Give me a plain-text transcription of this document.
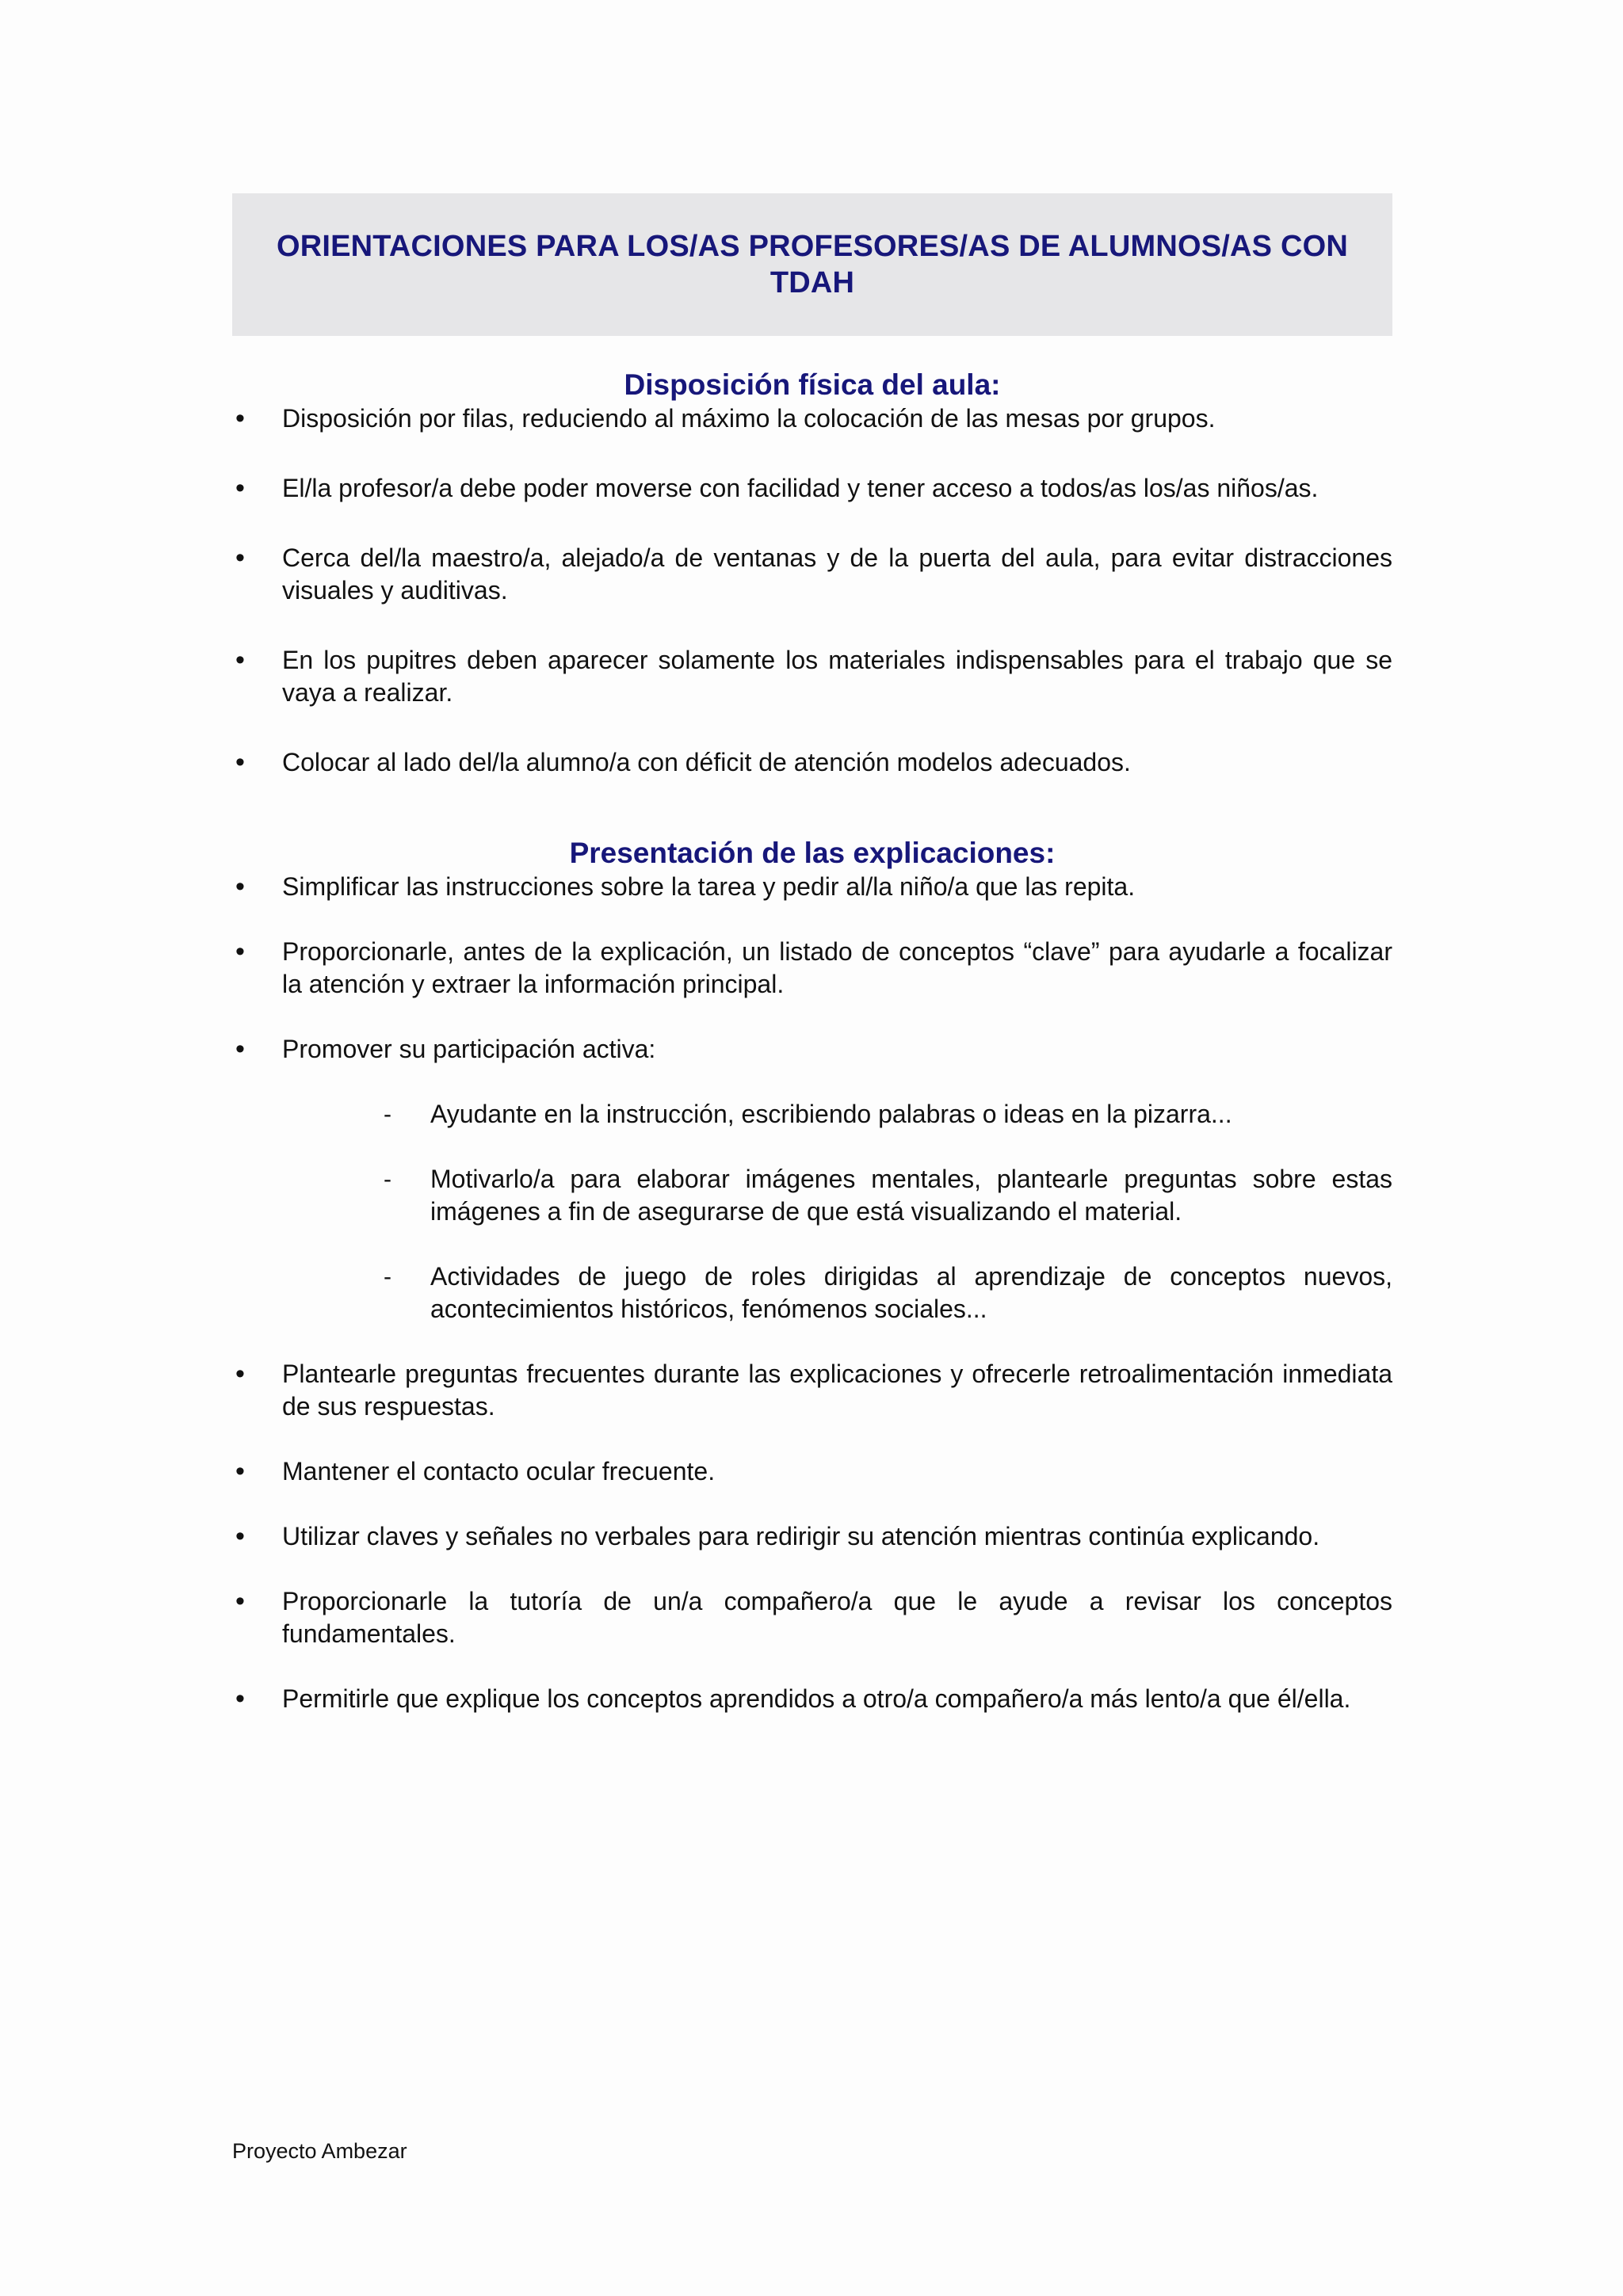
ORIENTACIONES PARA LOS/AS PROFESORES/AS DE ALUMNOS/AS CON TDAH
Disposición física del aula:
• Disposición por filas, reduciendo al máximo la colocación de las mesas por grupos.
• El/la profesor/a debe poder moverse con facilidad y tener acceso a todos/as los/as niños/as.
• Cerca del/la maestro/a, alejado/a de ventanas y de la puerta del aula, para evitar distracciones visuales y auditivas.
• En los pupitres deben aparecer solamente los materiales indispensables para el trabajo que se vaya a realizar.
• Colocar al lado del/la alumno/a con déficit de atención modelos adecuados.
Presentación de las explicaciones:
• Simplificar las instrucciones sobre la tarea y pedir al/la niño/a que las repita.
• Proporcionarle, antes de la explicación, un listado de conceptos “clave” para ayudarle a focalizar la atención y extraer la información principal.
• Promover su participación activa:
- Ayudante en la instrucción, escribiendo palabras o ideas en la pizarra...
- Motivarlo/a para elaborar imágenes mentales, plantearle preguntas sobre estas imágenes a fin de asegurarse de que está visualizando el material.
- Actividades de juego de roles dirigidas al aprendizaje de conceptos nuevos, acontecimientos históricos, fenómenos sociales...
• Plantearle preguntas frecuentes durante las explicaciones y ofrecerle retroalimentación inmediata de sus respuestas.
• Mantener el contacto ocular frecuente.
• Utilizar claves y señales no verbales para redirigir su atención mientras continúa explicando.
• Proporcionarle la tutoría de un/a compañero/a que le ayude a revisar los conceptos fundamentales.
• Permitirle que explique los conceptos aprendidos a otro/a compañero/a más lento/a que él/ella.
Proyecto Ambezar
